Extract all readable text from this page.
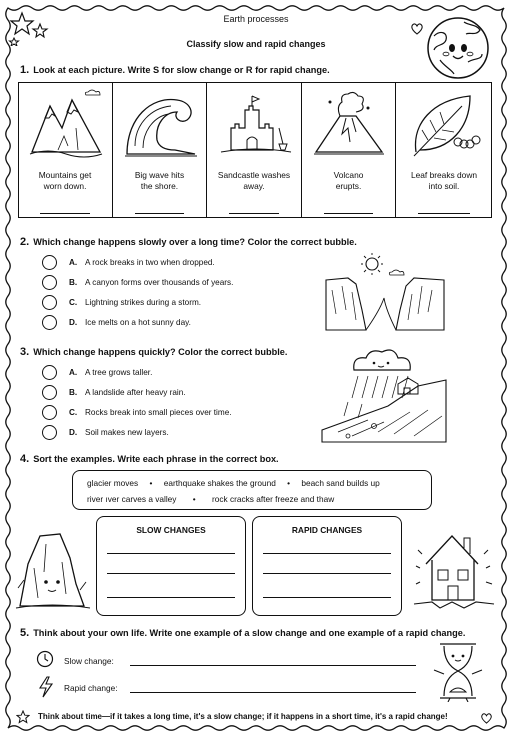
Earth processes
Classify slow and rapid changes
1. Look at each picture. Write S for slow change or R for rapid change.
Mountains get
worn down.
Big wave hits
the shore.
Sandcastle washes
away.
Volcano
erupts.
Leaf breaks down
into soil.
2. Which change happens slowly over a long time? Color the correct bubble.
A. A rock breaks in two when dropped.
B. A canyon forms over thousands of years.
C. Lightning strikes during a storm.
D. Ice melts on a hot sunny day.
3. Which change happens quickly? Color the correct bubble.
A. A tree grows taller.
B. A landslide after heavy rain.
C. Rocks break into small pieces over time.
D. Soil makes new layers.
4. Sort the examples. Write each phrase in the correct box.
glacier moves • earthquake shakes the ground • beach sand builds up
river ıver carves a valley • rock cracks after freeze and thaw
SLOW CHANGES	RAPID CHANGES
5. Think about your own life. Write one example of a slow change and one example of a rapid change.
Slow change:
Rapid change:
Think about time—if it takes a long time, it's a slow change; if it happens in a short time, it's a rapid change!
